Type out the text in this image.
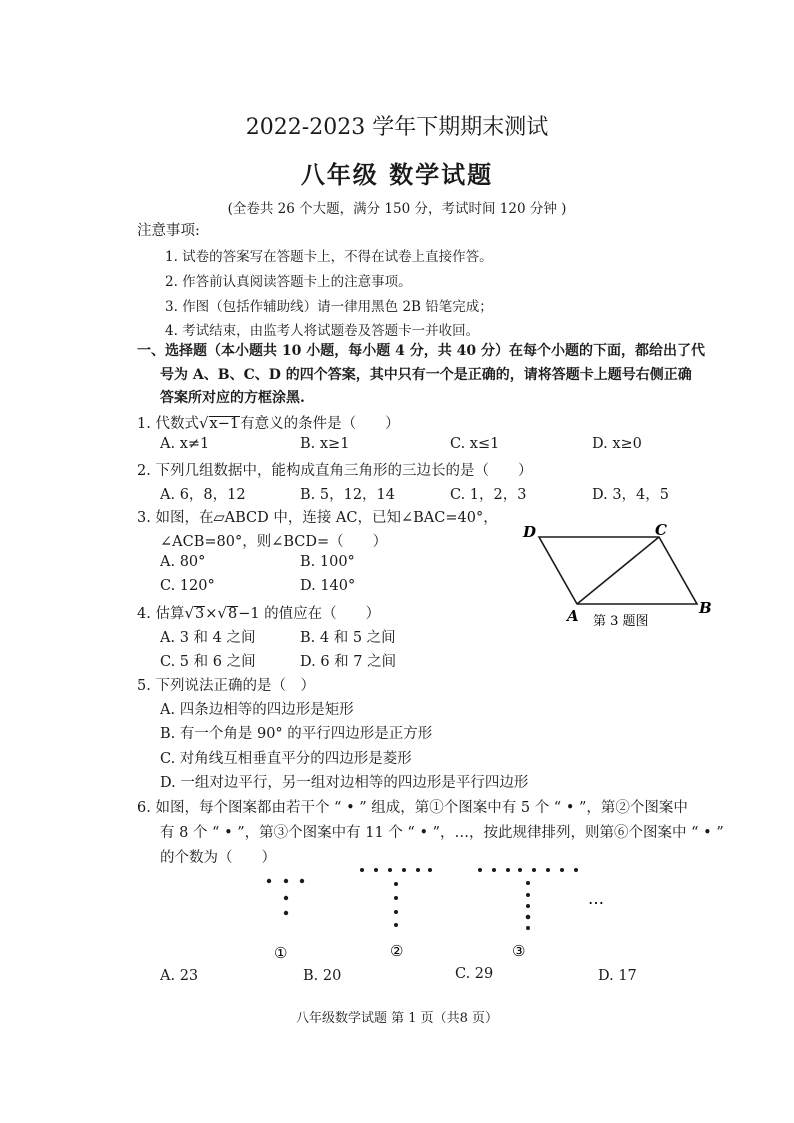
2022-2023 学年下期期末测试
八年级 数学试题
(全卷共 26 个大题，满分 150 分，考试时间 120 分钟 )
注意事项:
1. 试卷的答案写在答题卡上，不得在试卷上直接作答。
2. 作答前认真阅读答题卡上的注意事项。
3. 作图（包括作辅助线）请一律用黑色 2B 铅笔完成；
4. 考试结束，由监考人将试题卷及答题卡一并收回。
一、选择题（本小题共 10 小题，每小题 4 分，共 40 分）在每个小题的下面，都给出了代
号为 A、B、C、D 的四个答案，其中只有一个是正确的，请将答题卡上题号右侧正确
答案所对应的方框涂黑.
1. 代数式√x−1有意义的条件是（　　）
A. x≠1	B. x≥1	C. x≤1	D. x≥0
2. 下列几组数据中，能构成直角三角形的三边长的是（　　）
A. 6，8，12	B. 5，12，14	C. 1，2，3	D. 3，4，5
3. 如图，在▱ABCD 中，连接 AC，已知∠BAC=40°，
∠ACB=80°，则∠BCD=（　　）
A. 80°	B. 100°
C. 120°	D. 140°
D	C
A	B
第 3 题图
4. 估算√3×√8−1 的值应在（　　）
A. 3 和 4 之间	B. 4 和 5 之间
C. 5 和 6 之间	D. 6 和 7 之间
5. 下列说法正确的是（　）
A. 四条边相等的四边形是矩形
B. 有一个角是 90° 的平行四边形是正方形
C. 对角线互相垂直平分的四边形是菱形
D. 一组对边平行，另一组对边相等的四边形是平行四边形
6. 如图，每个图案都由若干个 “ • ” 组成，第①个图案中有 5 个 “ • ”，第②个图案中
有 8 个 “ • ”，第③个图案中有 11 个 “ • ”，…，按此规律排列，则第⑥个图案中 “ • ”
的个数为（　　）
…
①	②	③
A. 23	B. 20	C. 29	D. 17
八年级数学试题 第 1 页（共8 页）
